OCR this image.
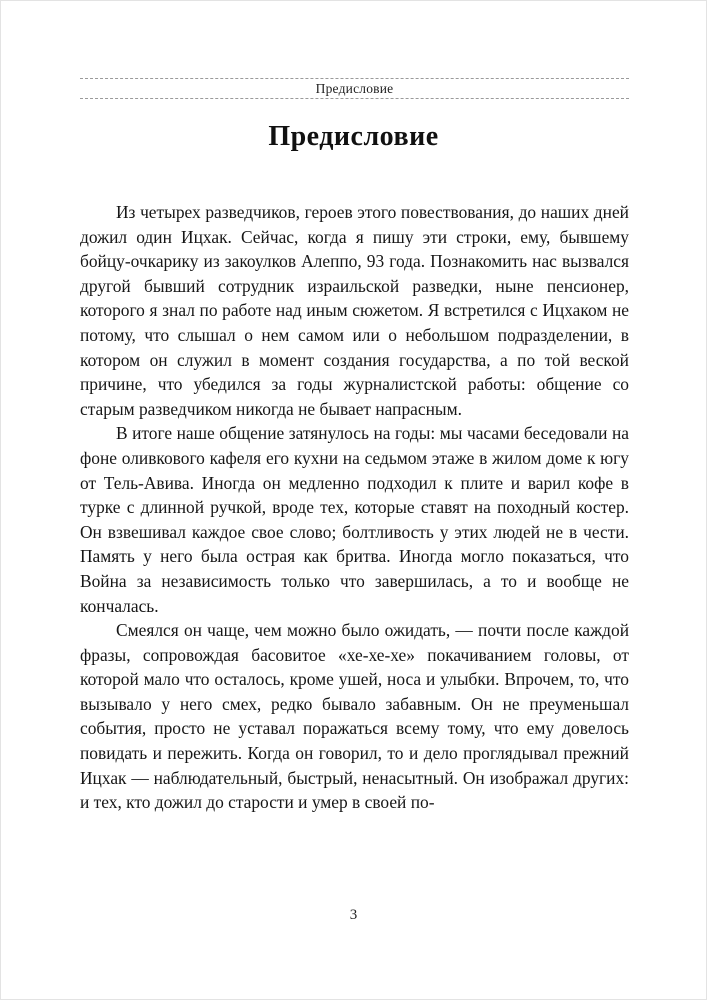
Предисловие
Предисловие

Из четырех разведчиков, героев этого повествования, до наших дней дожил один Ицхак. Сейчас, когда я пишу эти строки, ему, бывшему бойцу-очкарику из закоулков Алеппо, 93 года. Познакомить нас вызвался другой бывший сотрудник израильской разведки, ныне пенсионер, которого я знал по работе над иным сюжетом. Я встретился с Ицхаком не потому, что слышал о нем самом или о небольшом подразделении, в котором он служил в момент создания государства, а по той веской причине, что убедился за годы журналистской работы: общение со старым разведчиком никогда не бывает напрасным.

В итоге наше общение затянулось на годы: мы часами беседовали на фоне оливкового кафеля его кухни на седьмом этаже в жилом доме к югу от Тель-Авива. Иногда он медленно подходил к плите и варил кофе в турке с длинной ручкой, вроде тех, которые ставят на походный костер. Он взвешивал каждое свое слово; болтливость у этих людей не в чести. Память у него была острая как бритва. Иногда могло показаться, что Война за независимость только что завершилась, а то и вообще не кончалась.

Смеялся он чаще, чем можно было ожидать, — почти после каждой фразы, сопровождая басовитое «хе-хе-хе» покачиванием головы, от которой мало что осталось, кроме ушей, носа и улыбки. Впрочем, то, что вызывало у него смех, редко бывало забавным. Он не преуменьшал события, просто не уставал поражаться всему тому, что ему довелось повидать и пережить. Когда он говорил, то и дело проглядывал прежний Ицхак — наблюдательный, быстрый, ненасытный. Он изображал других: и тех, кто дожил до старости и умер в своей по-

3
